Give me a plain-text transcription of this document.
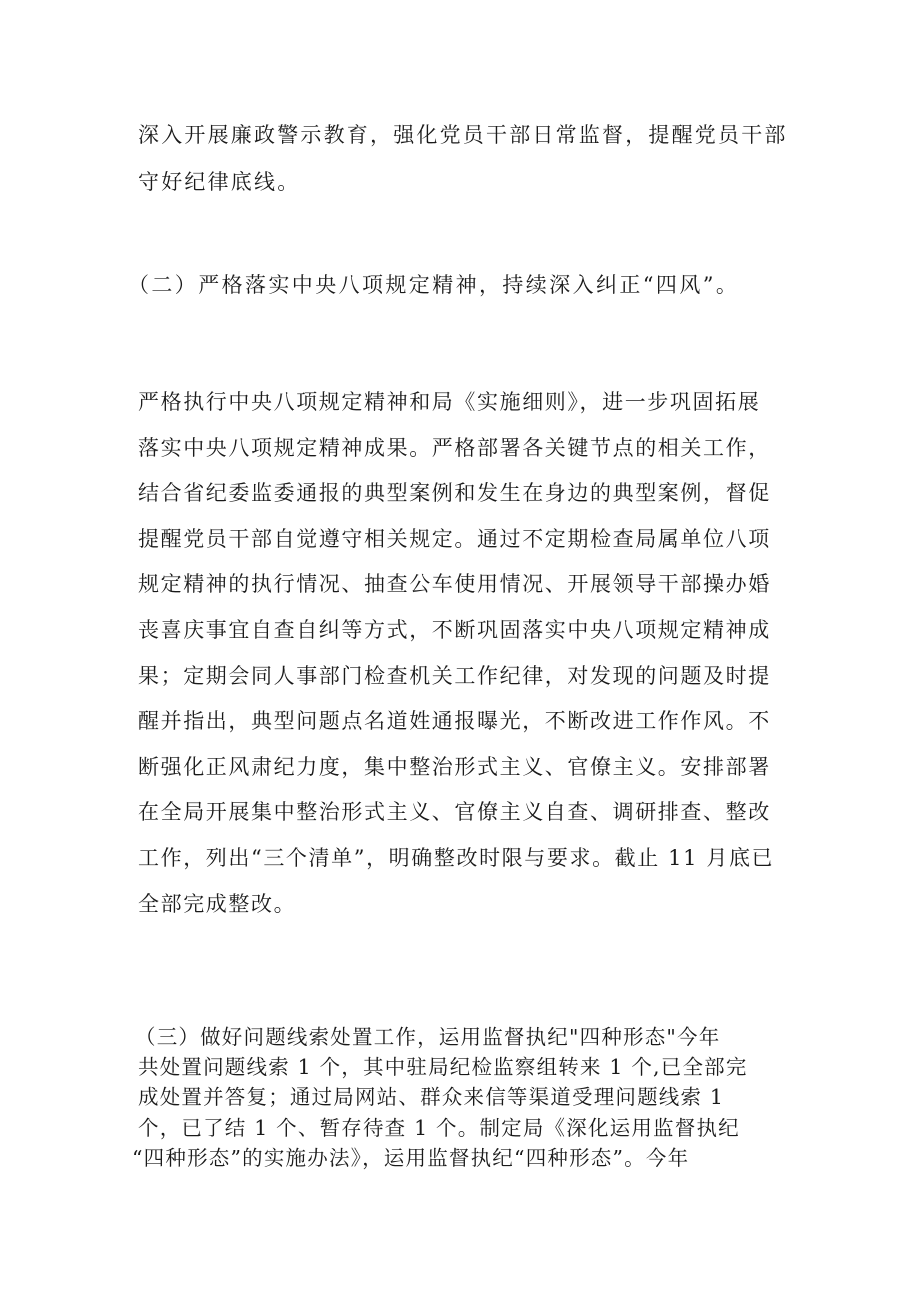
深入开展廉政警示教育，强化党员干部日常监督，提醒党员干部
守好纪律底线。
（二）严格落实中央八项规定精神，持续深入纠正“四风”。
严格执行中央八项规定精神和局《实施细则》，进一步巩固拓展
落实中央八项规定精神成果。严格部署各关键节点的相关工作，
结合省纪委监委通报的典型案例和发生在身边的典型案例，督促
提醒党员干部自觉遵守相关规定。通过不定期检查局属单位八项
规定精神的执行情况、抽查公车使用情况、开展领导干部操办婚
丧喜庆事宜自查自纠等方式，不断巩固落实中央八项规定精神成
果；定期会同人事部门检查机关工作纪律，对发现的问题及时提
醒并指出，典型问题点名道姓通报曝光，不断改进工作作风。不
断强化正风肃纪力度，集中整治形式主义、官僚主义。安排部署
在全局开展集中整治形式主义、官僚主义自查、调研排查、整改
工作，列出“三个清单”，明确整改时限与要求。截止 11 月底已
全部完成整改。
（三）做好问题线索处置工作，运用监督执纪"四种形态"今年
共处置问题线索 1 个，其中驻局纪检监察组转来 1 个,已全部完
成处置并答复；通过局网站、群众来信等渠道受理问题线索 1
个，已了结 1 个、暂存待查 1 个。制定局《深化运用监督执纪
“四种形态”的实施办法》，运用监督执纪“四种形态”。今年
